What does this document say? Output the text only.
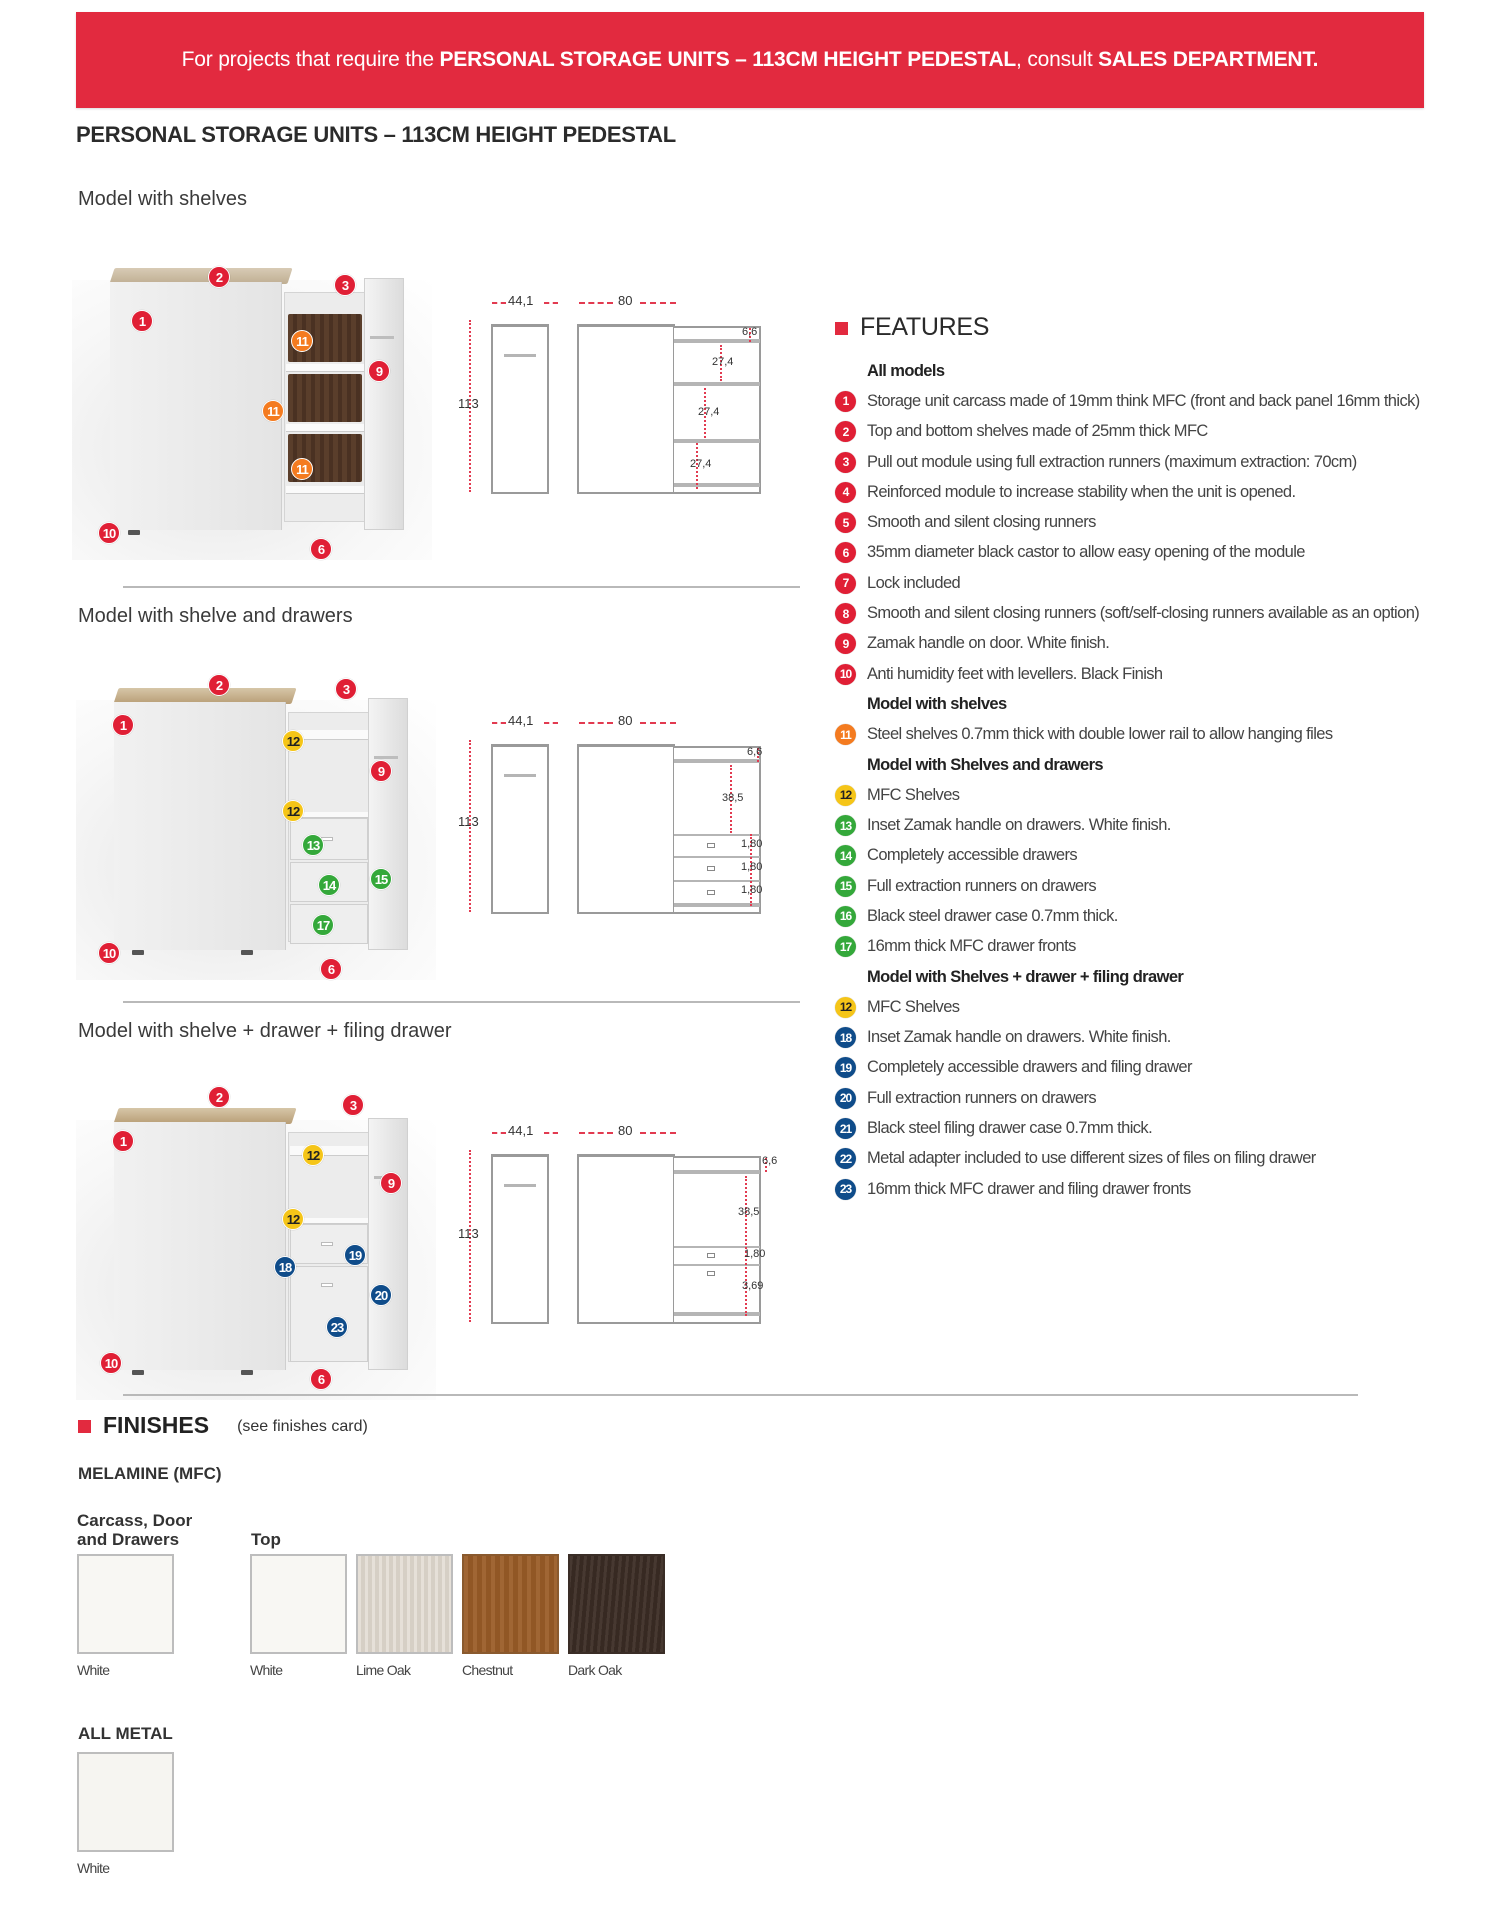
For projects that require the PERSONAL STORAGE UNITS – 113CM HEIGHT PEDESTAL , consult SALES DEPARTMENT.
PERSONAL STORAGE UNITS – 113CM HEIGHT PEDESTAL
Model with shelves
1
2
3
9
11
11
11
10
6
44,1	80
113
6,6
27,4
27,4
27,4
Model with shelve and drawers
1
2	3
9
12
12
13
14	15
17
10
6
44,1	80
113
6,6
38,5
1,80
1,80
1,80
Model with shelve + drawer + filing drawer
1
2
3
9
12
12
19
18
20
23
10
6
44,1	80
113
6,6
38,5
1,80
3,69
FEATURES
All models
1	Storage unit carcass made of 19mm think MFC (front and back panel 16mm thick)
2	Top and bottom shelves made of 25mm thick MFC
3	Pull out module using full extraction runners (maximum extraction: 70cm)
4	Reinforced module to increase stability when the unit is opened.
5	Smooth and silent closing runners
6	35mm diameter black castor to allow easy opening of the module
7	Lock included
8	Smooth and silent closing runners (soft/self-closing runners available as an option)
9	Zamak handle on door. White finish.
10 Anti humidity feet with levellers. Black Finish
Model with shelves
11 Steel shelves 0.7mm thick with double lower rail to allow hanging files
Model with Shelves and drawers
12 MFC Shelves
13 Inset Zamak handle on drawers. White finish.
14 Completely accessible drawers
15 Full extraction runners on drawers
16 Black steel drawer case 0.7mm thick.
17 16mm thick MFC drawer fronts
Model with Shelves + drawer + filing drawer
12 MFC Shelves
18 Inset Zamak handle on drawers. White finish.
19 Completely accessible drawers and filing drawer
20 Full extraction runners on drawers
21 Black steel filing drawer case 0.7mm thick.
22 Metal adapter included to use different sizes of files on filing drawer
23 16mm thick MFC drawer and filing drawer fronts
FINISHES (see finishes card)
MELAMINE (MFC)
Carcass, Door
and Drawers	Top
White	White	Lime Oak	Chestnut	Dark Oak
ALL METAL
White
